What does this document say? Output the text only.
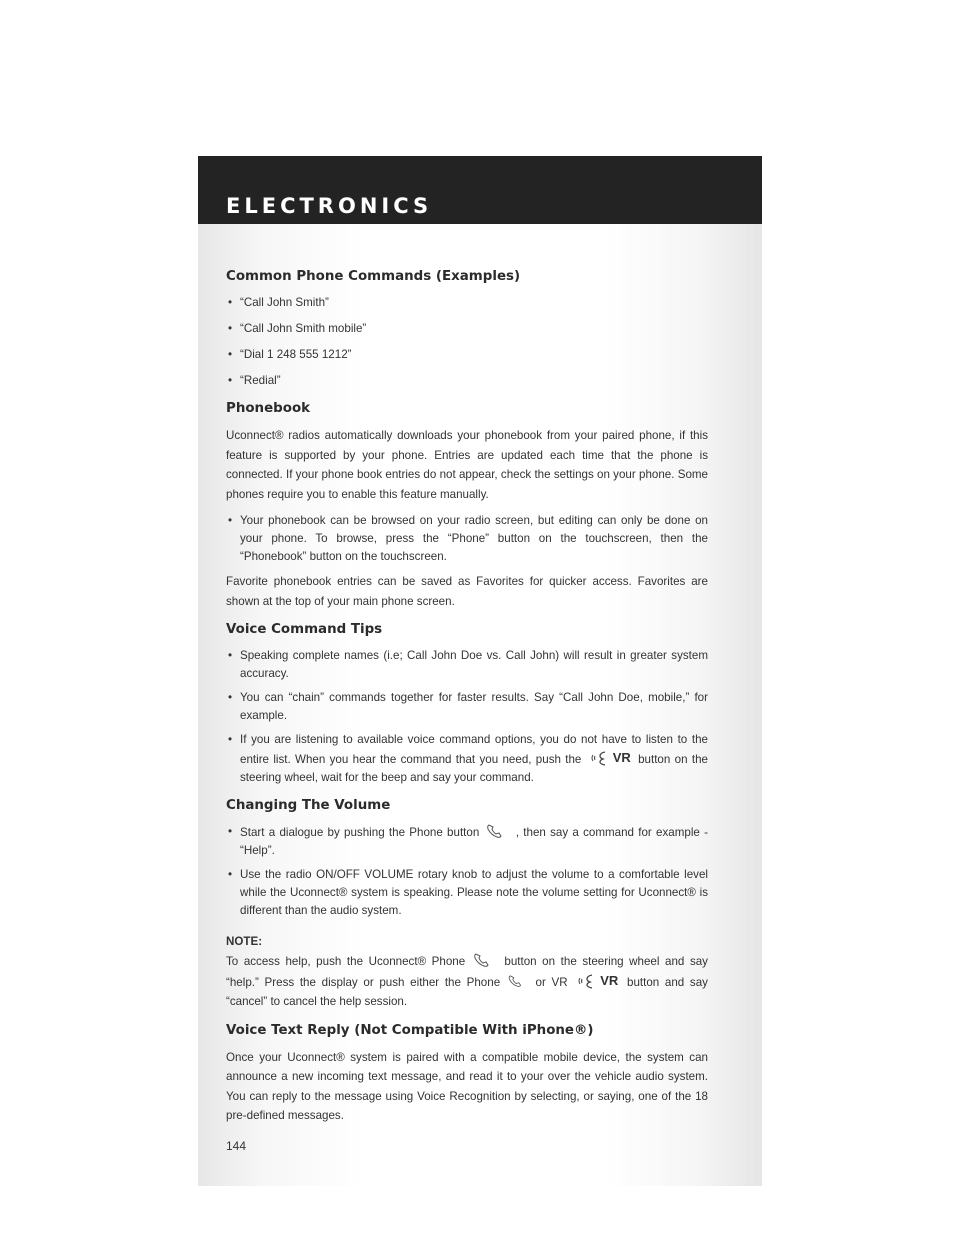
ELECTRONICS
Common Phone Commands (Examples)
• “Call John Smith”
• “Call John Smith mobile”
• “Dial 1 248 555 1212”
• “Redial”
Phonebook

Uconnect® radios automatically downloads your phonebook from your paired phone, if this feature is supported by your phone. Entries are updated each time that the phone is connected. If your phone book entries do not appear, check the settings on your phone. Some phones require you to enable this feature manually.

• Your phonebook can be browsed on your radio screen, but editing can only be done on your phone. To browse, press the “Phone” button on the touchscreen, then the “Phonebook” button on the touchscreen.

Favorite phonebook entries can be saved as Favorites for quicker access. Favorites are shown at the top of your main phone screen.

Voice Command Tips
• Speaking complete names (i.e; Call John Doe vs. Call John) will result in greater system accuracy.
• You can “chain” commands together for faster results. Say “Call John Doe, mobile,” for example.
• If you are listening to available voice command options, you do not have to listen to the entire list. When you hear the command that you need, push the VR button on the steering wheel, wait for the beep and say your command.
Changing The Volume
• Start a dialogue by pushing the Phone button	, then say a command for example - “Help”.
• Use the radio ON/OFF VOLUME rotary knob to adjust the volume to a comfortable level while the Uconnect® system is speaking. Please note the volume setting for Uconnect® is different than the audio system.

NOTE:

To access help, push the Uconnect® Phone	button on the steering wheel and say “help.” Press the display or push either the Phone	or VR	VR button and say “cancel” to cancel the help session.

Voice Text Reply (Not Compatible With iPhone®)

Once your Uconnect® system is paired with a compatible mobile device, the system can announce a new incoming text message, and read it to your over the vehicle audio system. You can reply to the message using Voice Recognition by selecting, or saying, one of the 18 pre-defined messages.

144
